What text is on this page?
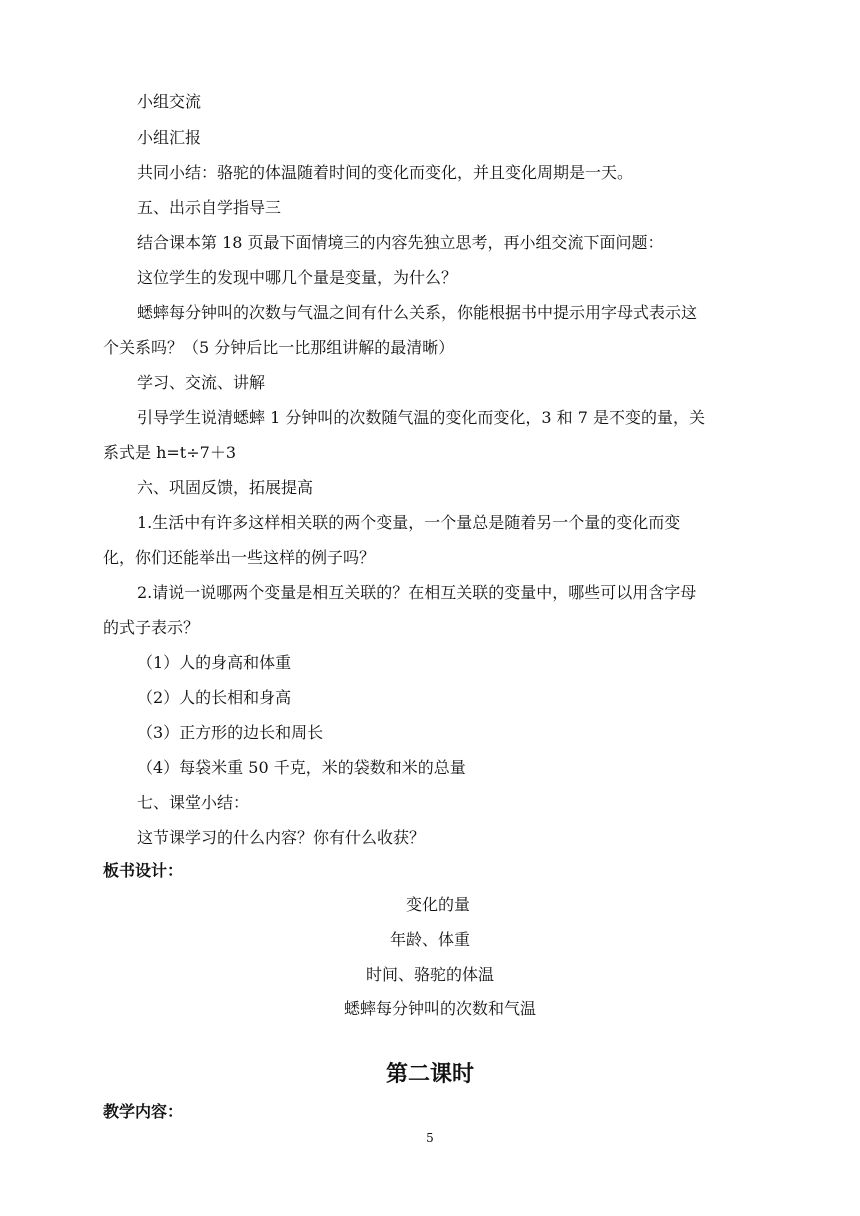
小组交流
小组汇报
共同小结：骆驼的体温随着时间的变化而变化，并且变化周期是一天。
五、出示自学指导三
结合课本第 18 页最下面情境三的内容先独立思考，再小组交流下面问题：
这位学生的发现中哪几个量是变量，为什么？
蟋蟀每分钟叫的次数与气温之间有什么关系，你能根据书中提示用字母式表示这
个关系吗？（5 分钟后比一比那组讲解的最清晰）
学习、交流、讲解
引导学生说清蟋蟀 1 分钟叫的次数随气温的变化而变化，3 和 7 是不变的量，关
系式是 h=t÷7＋3
六、巩固反馈，拓展提高
1.生活中有许多这样相关联的两个变量，一个量总是随着另一个量的变化而变
化，你们还能举出一些这样的例子吗？
2.请说一说哪两个变量是相互关联的？在相互关联的变量中，哪些可以用含字母
的式子表示？
（1）人的身高和体重
（2）人的长相和身高
（3）正方形的边长和周长
（4）每袋米重 50 千克，米的袋数和米的总量
七、课堂小结：
这节课学习的什么内容？你有什么收获？
板书设计：
变化的量
年龄、体重
时间、骆驼的体温
蟋蟀每分钟叫的次数和气温
第二课时
教学内容：
5
